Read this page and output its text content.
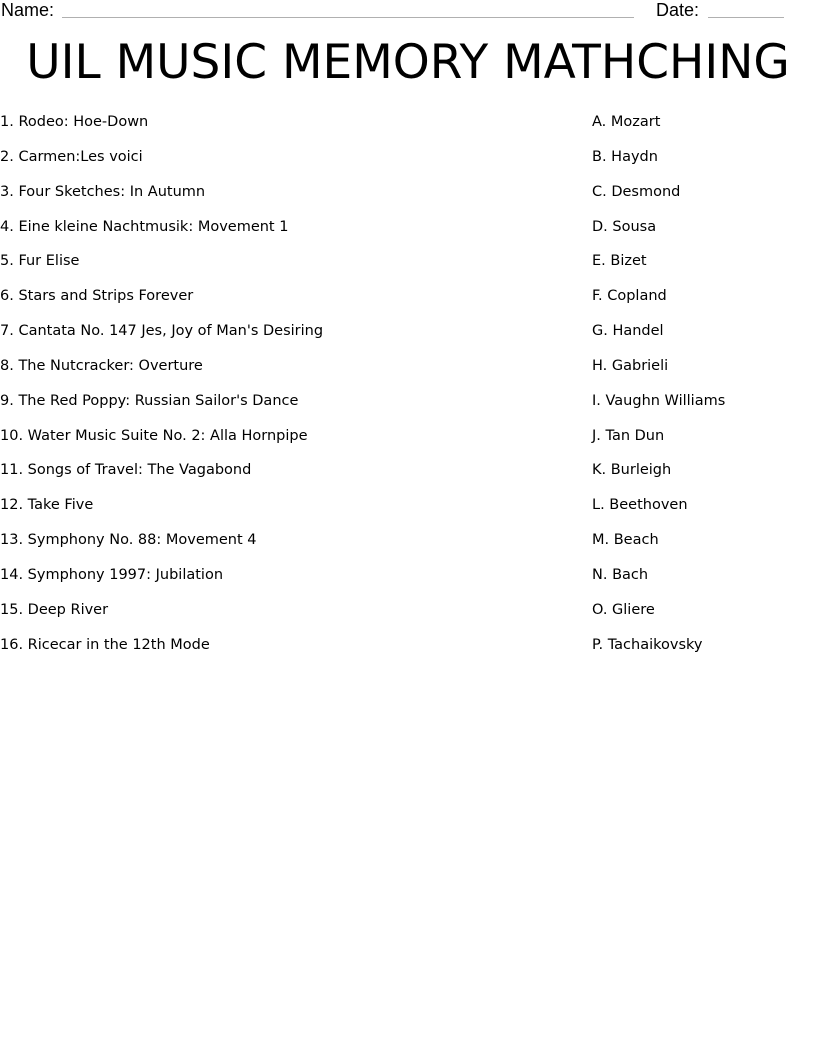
Name:	Date:
UIL MUSIC MEMORY MATHCHING
1. Rodeo: Hoe-Down
2. Carmen:Les voici
3. Four Sketches: In Autumn
4. Eine kleine Nachtmusik: Movement 1
5. Fur Elise
6. Stars and Strips Forever
7. Cantata No. 147 Jes, Joy of Man's Desiring
8. The Nutcracker: Overture
9. The Red Poppy: Russian Sailor's Dance
10. Water Music Suite No. 2: Alla Hornpipe
11. Songs of Travel: The Vagabond
12. Take Five
13. Symphony No. 88: Movement 4
14. Symphony 1997: Jubilation
15. Deep River
16. Ricecar in the 12th Mode
A. Mozart
B. Haydn
C. Desmond
D. Sousa
E. Bizet
F. Copland
G. Handel
H. Gabrieli
I. Vaughn Williams
J. Tan Dun
K. Burleigh
L. Beethoven
M. Beach
N. Bach
O. Gliere
P. Tachaikovsky
